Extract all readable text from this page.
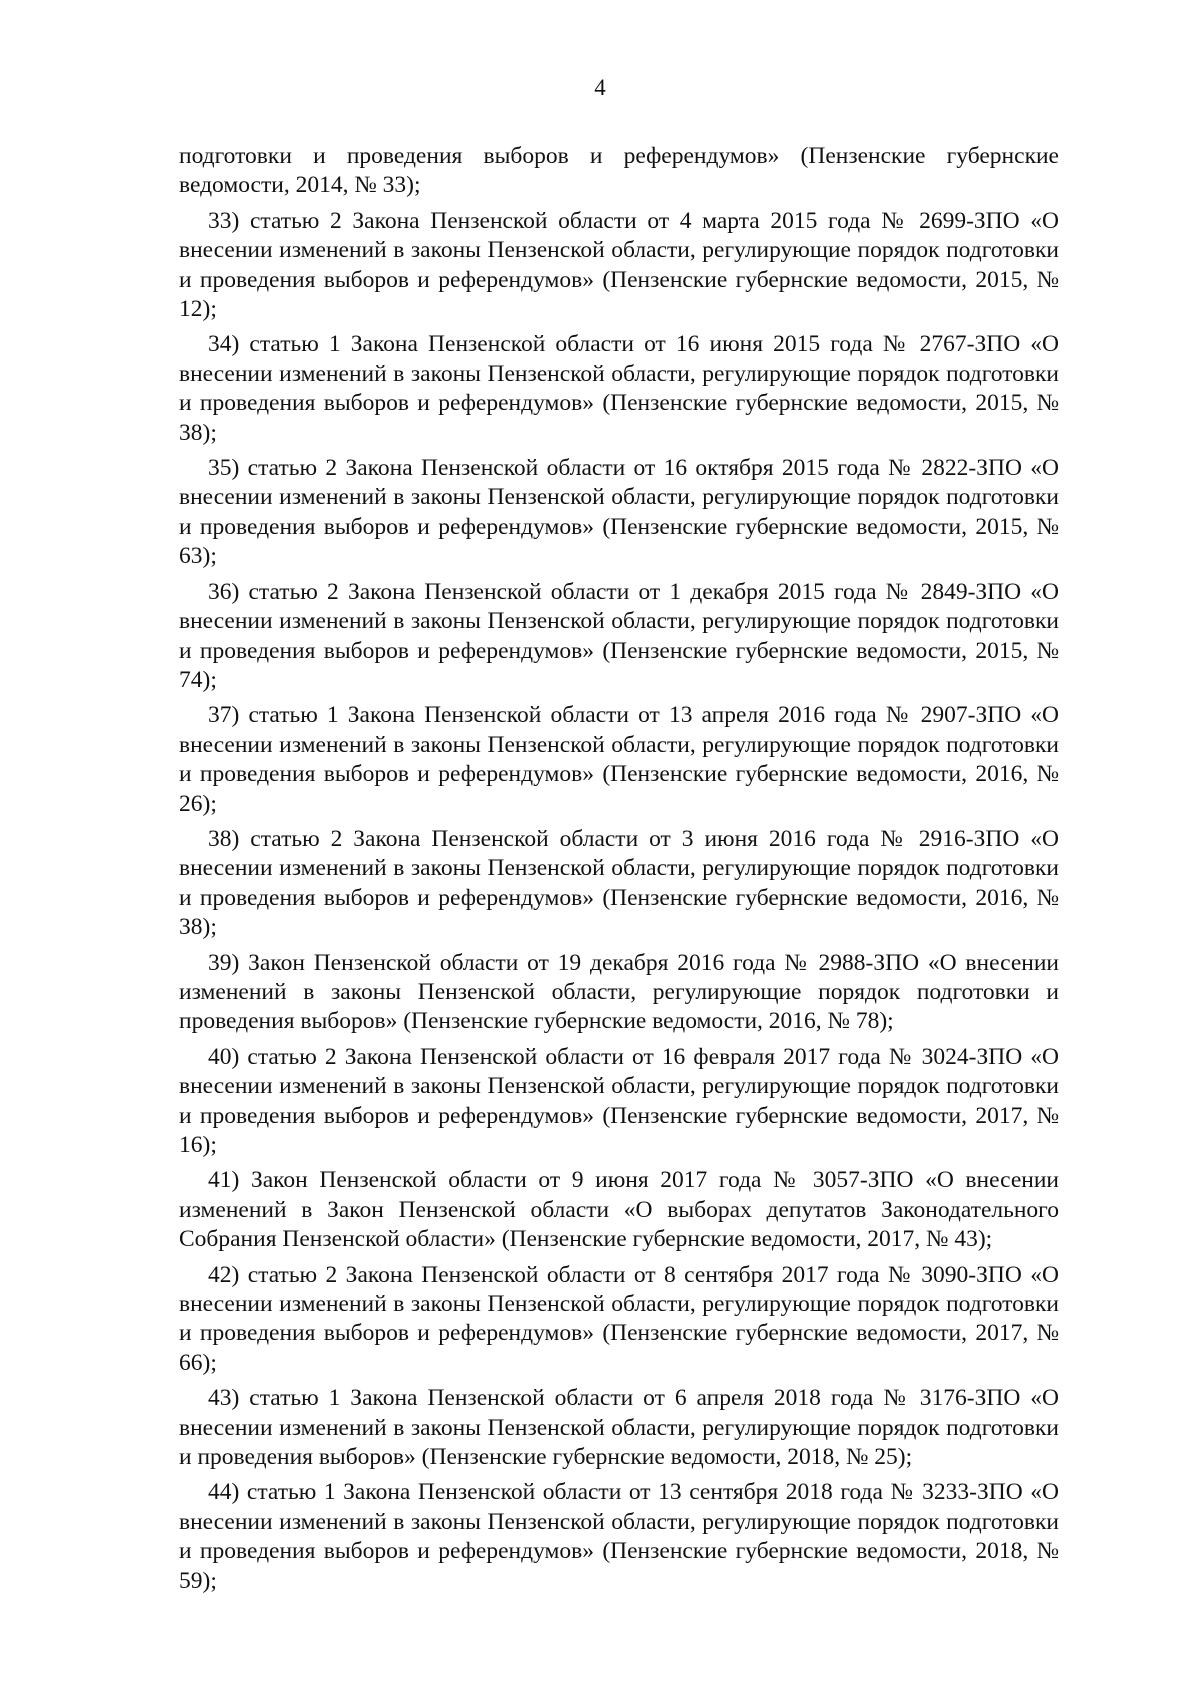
4

подготовки и проведения выборов и референдумов» (Пензенские губернские ведомости, 2014, № 33);

33) статью 2 Закона Пензенской области от 4 марта 2015 года № 2699-ЗПО «О внесении изменений в законы Пензенской области, регулирующие порядок подготовки и проведения выборов и референдумов» (Пензенские губернские ведомости, 2015, № 12);

34) статью 1 Закона Пензенской области от 16 июня 2015 года № 2767-ЗПО «О внесении изменений в законы Пензенской области, регулирующие порядок подготовки и проведения выборов и референдумов» (Пензенские губернские ведомости, 2015, № 38);

35) статью 2 Закона Пензенской области от 16 октября 2015 года № 2822-ЗПО «О внесении изменений в законы Пензенской области, регулирующие порядок подготовки и проведения выборов и референдумов» (Пензенские губернские ведомости, 2015, № 63);

36) статью 2 Закона Пензенской области от 1 декабря 2015 года № 2849-ЗПО «О внесении изменений в законы Пензенской области, регулирующие порядок подготовки и проведения выборов и референдумов» (Пензенские губернские ведомости, 2015, № 74);

37) статью 1 Закона Пензенской области от 13 апреля 2016 года № 2907-ЗПО «О внесении изменений в законы Пензенской области, регулирующие порядок подготовки и проведения выборов и референдумов» (Пензенские губернские ведомости, 2016, № 26);

38) статью 2 Закона Пензенской области от 3 июня 2016 года № 2916-ЗПО «О внесении изменений в законы Пензенской области, регулирующие порядок подготовки и проведения выборов и референдумов» (Пензенские губернские ведомости, 2016, № 38);

39) Закон Пензенской области от 19 декабря 2016 года № 2988-ЗПО «О внесении изменений в законы Пензенской области, регулирующие порядок подготовки и проведения выборов» (Пензенские губернские ведомости, 2016, № 78);

40) статью 2 Закона Пензенской области от 16 февраля 2017 года № 3024-ЗПО «О внесении изменений в законы Пензенской области, регулирующие порядок подготовки и проведения выборов и референдумов» (Пензенские губернские ведомости, 2017, № 16);

41) Закон Пензенской области от 9 июня 2017 года № 3057-ЗПО «О внесении изменений в Закон Пензенской области «О выборах депутатов Законодательного Собрания Пензенской области» (Пензенские губернские ведомости, 2017, № 43);

42) статью 2 Закона Пензенской области от 8 сентября 2017 года № 3090-ЗПО «О внесении изменений в законы Пензенской области, регулирующие порядок подготовки и проведения выборов и референдумов» (Пензенские губернские ведомости, 2017, № 66);

43) статью 1 Закона Пензенской области от 6 апреля 2018 года № 3176-ЗПО «О внесении изменений в законы Пензенской области, регулирующие порядок подготовки и проведения выборов» (Пензенские губернские ведомости, 2018, № 25);

44) статью 1 Закона Пензенской области от 13 сентября 2018 года № 3233-ЗПО «О внесении изменений в законы Пензенской области, регулирующие порядок подготовки и проведения выборов и референдумов» (Пензенские губернские ведомости, 2018, № 59);
